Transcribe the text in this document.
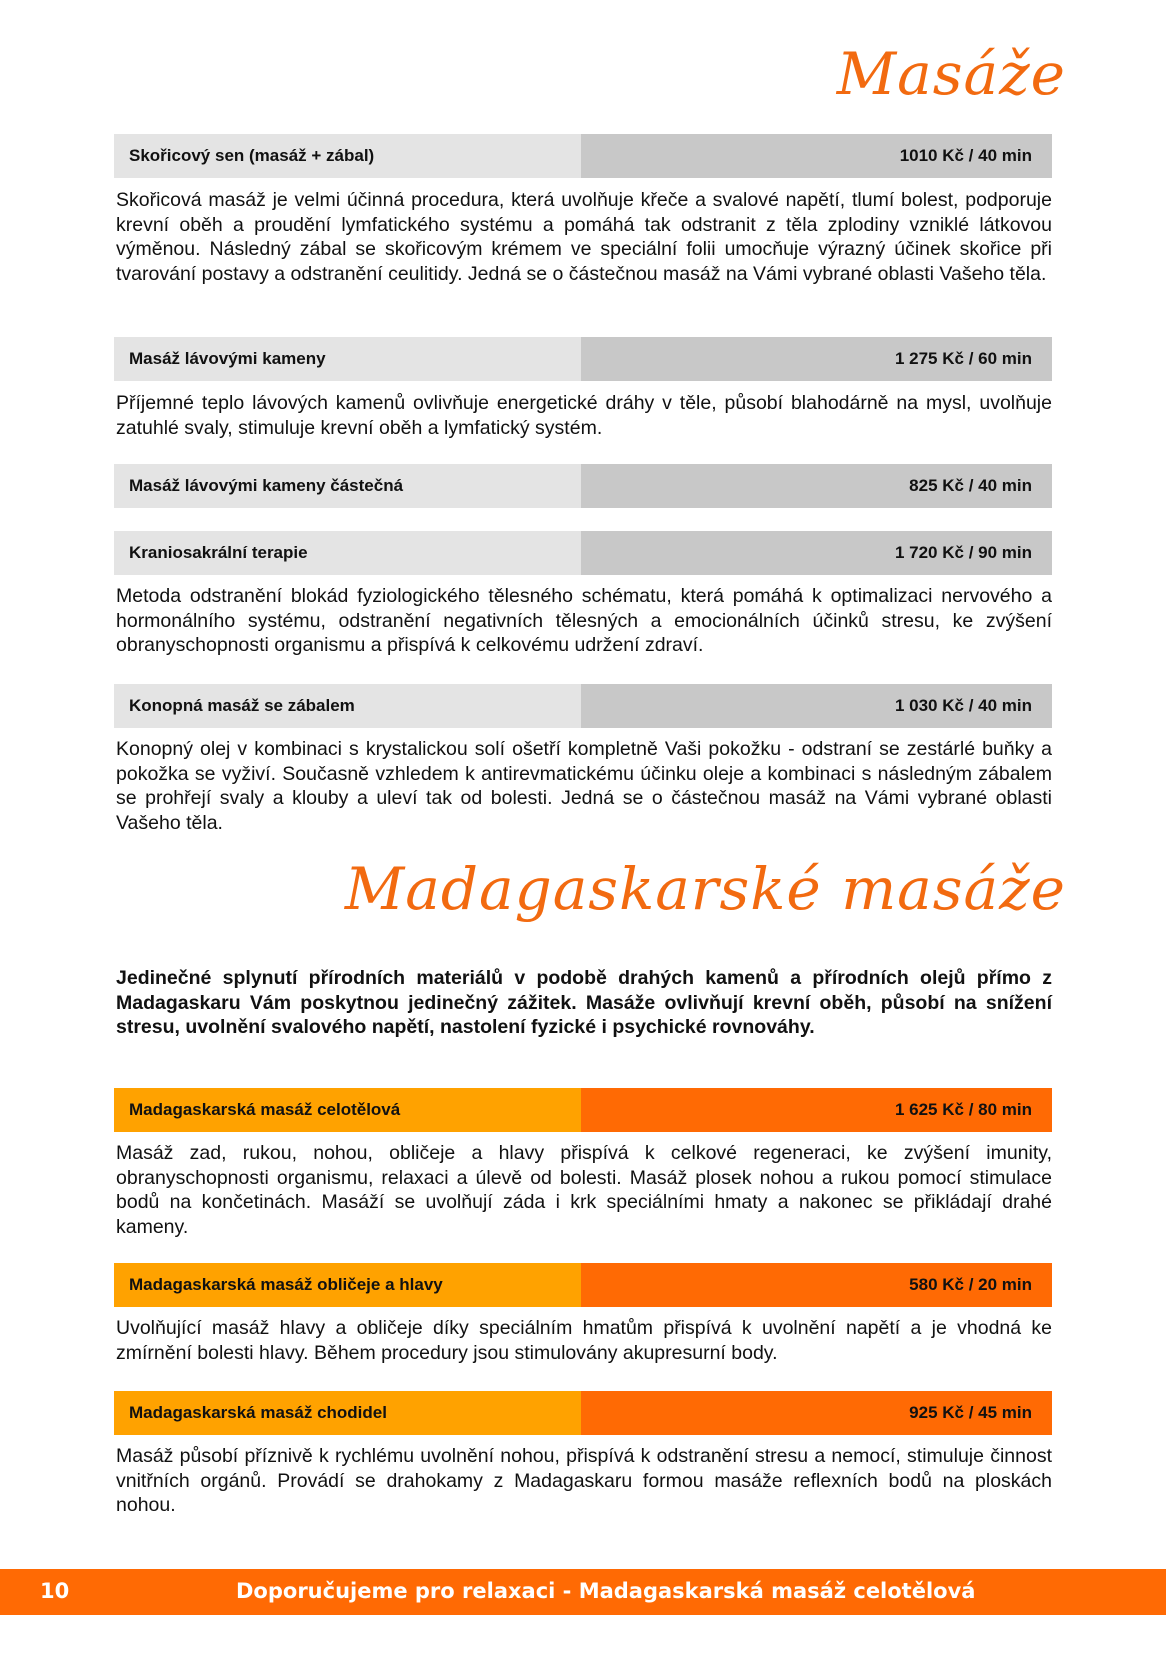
Masáže
Skořicový sen (masáž + zábal)	1010 Kč / 40 min
Skořicová masáž je velmi účinná procedura, která uvolňuje křeče a svalové napětí, tlumí bolest, podporuje krevní oběh a proudění lymfatického systému a pomáhá tak odstranit z těla zplodiny vzniklé látkovou výměnou. Následný zábal se skořicovým krémem ve speciální folii umocňuje výrazný účinek skořice při tvarování postavy a odstranění ceulitidy. Jedná se o částečnou masáž na Vámi vybrané oblasti Vašeho těla.
Masáž lávovými kameny	1 275 Kč / 60 min
Příjemné teplo lávových kamenů ovlivňuje energetické dráhy v těle, působí blahodárně na mysl, uvolňuje zatuhlé svaly, stimuluje krevní oběh a lymfatický systém.
Masáž lávovými kameny částečná	825 Kč / 40 min
Kraniosakrální terapie	1 720 Kč / 90 min
Metoda odstranění blokád fyziologického tělesného schématu, která pomáhá k optimalizaci nervového a hormonálního systému, odstranění negativních tělesných a emocionálních účinků stresu, ke zvýšení obranyschopnosti organismu a přispívá k celkovému udržení zdraví.
Konopná masáž se zábalem	1 030 Kč / 40 min
Konopný olej v kombinaci s krystalickou solí ošetří kompletně Vaši pokožku - odstraní se zestárlé buňky a pokožka se vyživí. Současně vzhledem k antirevmatickému účinku oleje a kombinaci s následným zábalem se prohřejí svaly a klouby a uleví tak od bolesti. Jedná se o částečnou masáž na Vámi vybrané oblasti Vašeho těla.
Madagaskarské masáže
Jedinečné splynutí přírodních materiálů v podobě drahých kamenů a přírodních olejů přímo z Madagaskaru Vám poskytnou jedinečný zážitek. Masáže ovlivňují krevní oběh, působí na snížení stresu, uvolnění svalového napětí, nastolení fyzické i psychické rovnováhy.
Madagaskarská masáž celotělová	1 625 Kč / 80 min
Masáž zad, rukou, nohou, obličeje a hlavy přispívá k celkové regeneraci, ke zvýšení imunity, obranyschopnosti organismu, relaxaci a úlevě od bolesti. Masáž plosek nohou a rukou pomocí stimulace bodů na končetinách. Masáží se uvolňují záda i krk speciálními hmaty a nakonec se přikládají drahé kameny.
Madagaskarská masáž obličeje a hlavy	580 Kč / 20 min
Uvolňující masáž hlavy a obličeje díky speciálním hmatům přispívá k uvolnění napětí a je vhodná ke zmírnění bolesti hlavy. Během procedury jsou stimulovány akupresurní body.
Madagaskarská masáž chodidel	925 Kč / 45 min
Masáž působí příznivě k rychlému uvolnění nohou, přispívá k odstranění stresu a nemocí, stimuluje činnost vnitřních orgánů. Provádí se drahokamy z Madagaskaru formou masáže reflexních bodů na ploskách nohou.
10	Doporučujeme pro relaxaci - Madagaskarská masáž celotělová
